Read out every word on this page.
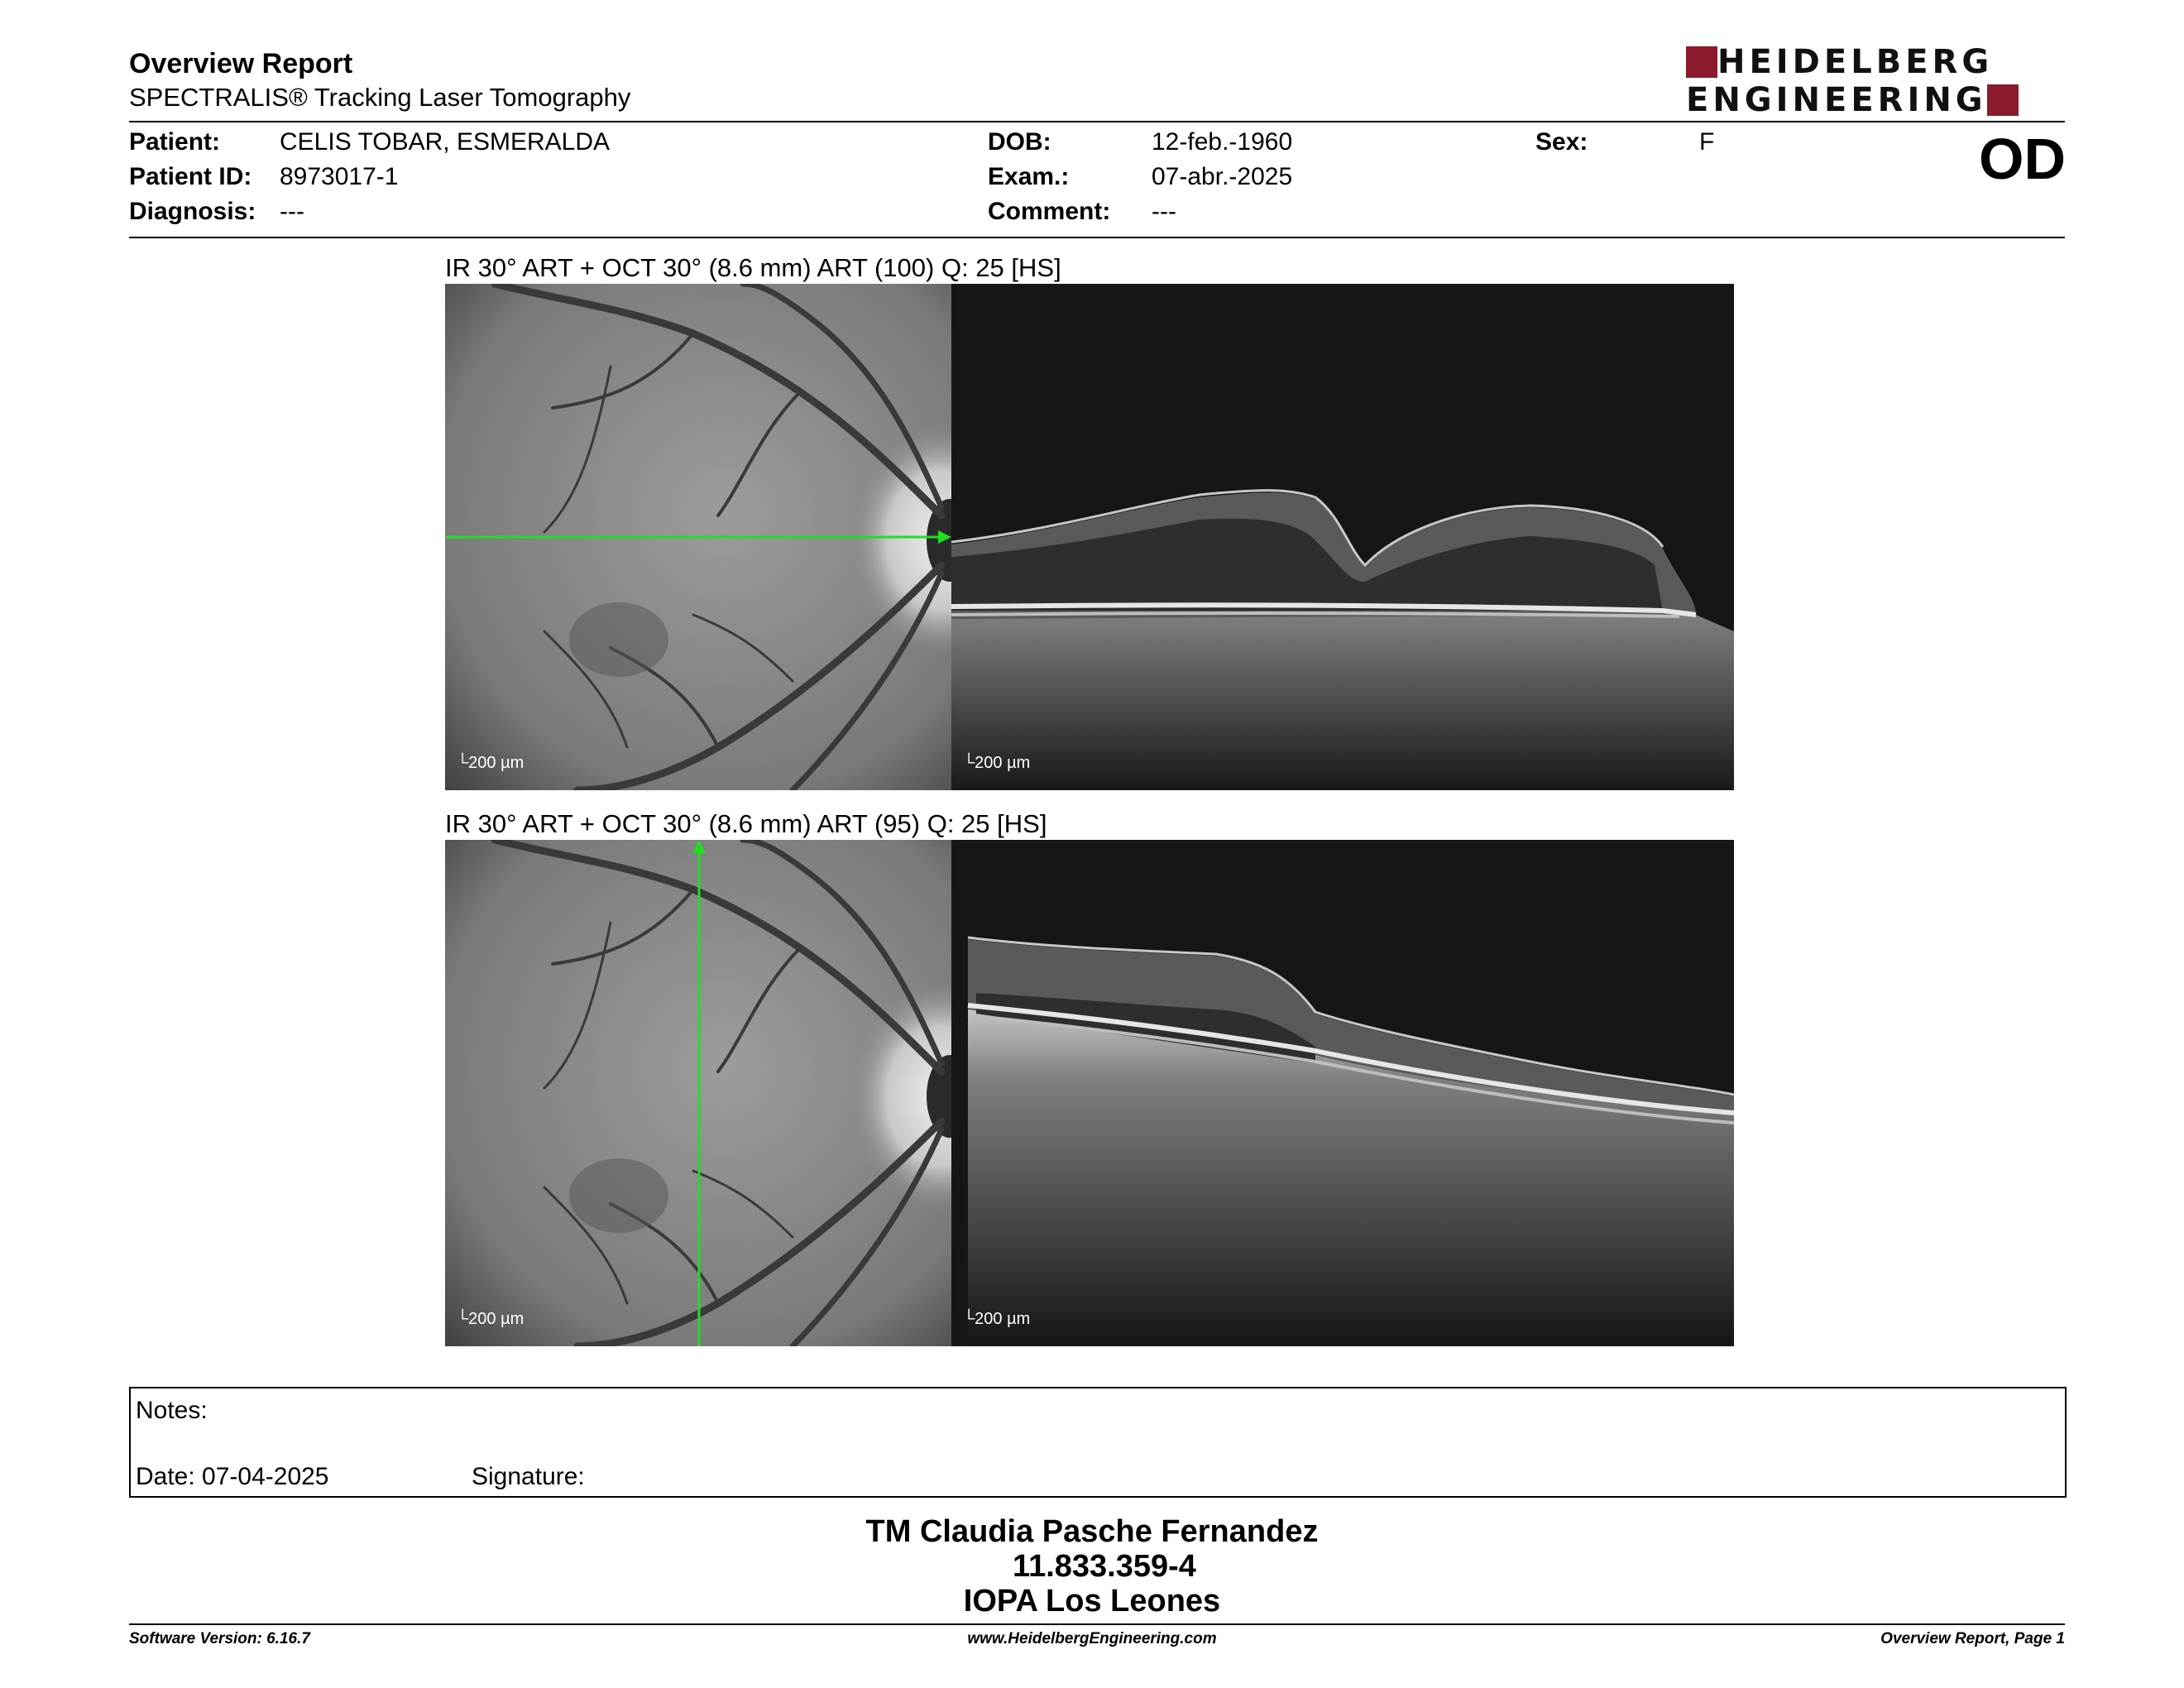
Overview Report
SPECTRALIS® Tracking Laser Tomography
HEIDELBERG
ENGINEERING
Patient: CELIS TOBAR, ESMERALDA
Patient ID: 8973017-1
Diagnosis: ---
DOB:	12-feb.-1960
Exam.:	07-abr.-2025
Comment: ---
Sex:	F	OD
IR 30° ART + OCT 30° (8.6 mm) ART (100) Q: 25 [HS]
└200 µm	└200 µm
IR 30° ART + OCT 30° (8.6 mm) ART (95) Q: 25 [HS]
└200 µm	└200 µm
Notes:
Date: 07-04-2025	Signature:
TM Claudia Pasche Fernandez
11.833.359-4
IOPA Los Leones
Software Version: 6.16.7	www.HeidelbergEngineering.com	Overview Report, Page 1
